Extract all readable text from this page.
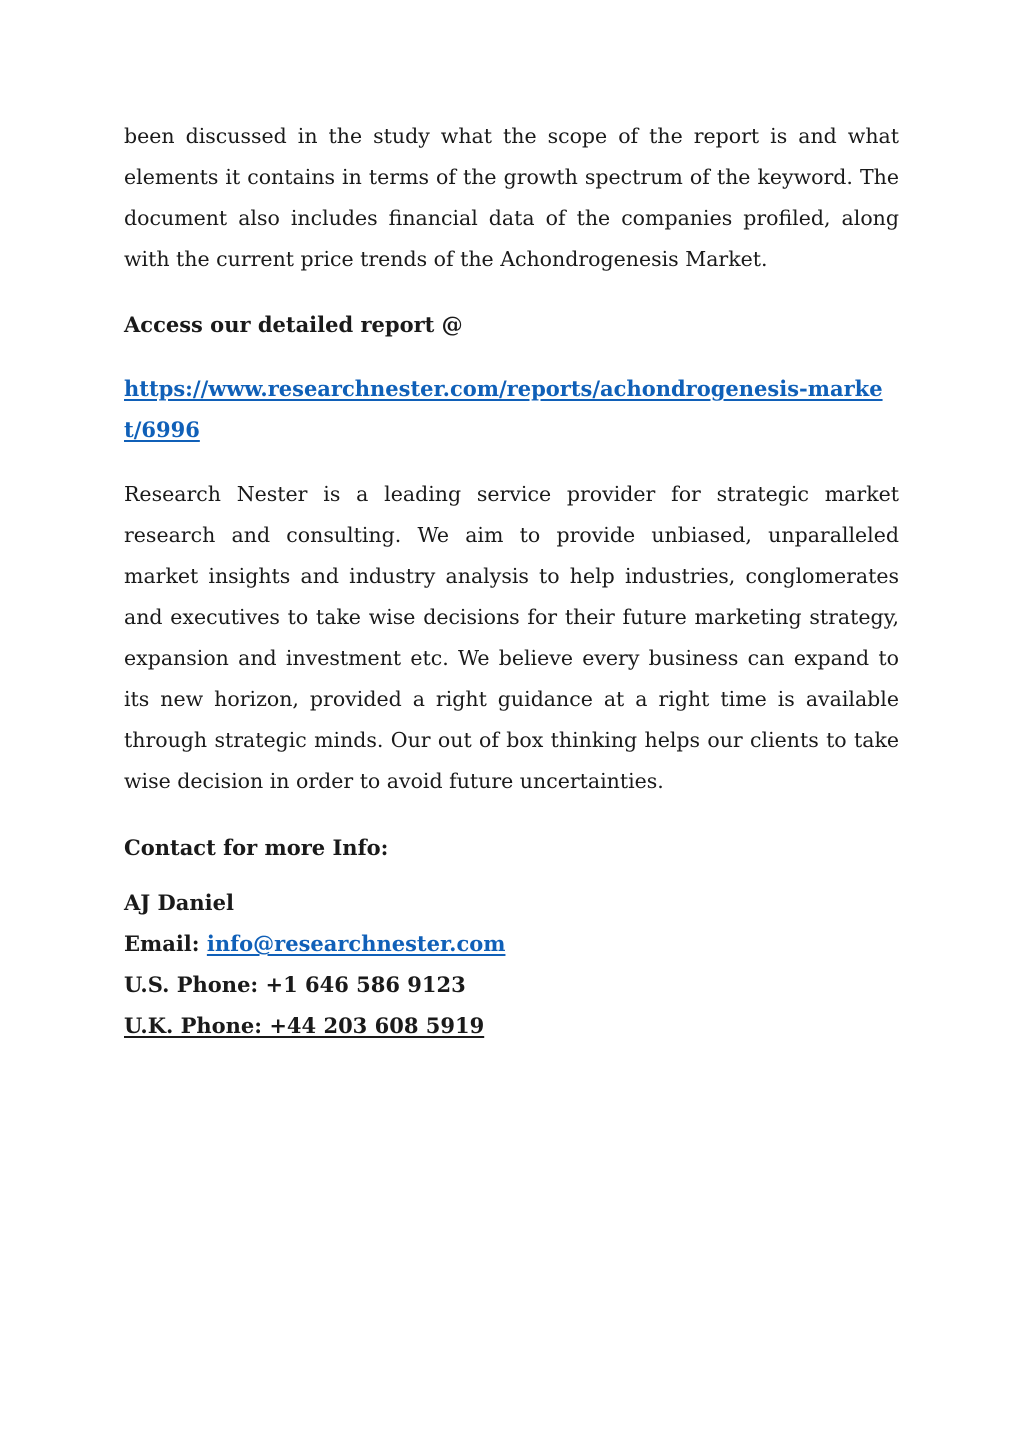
been discussed in the study what the scope of the report is and what elements it contains in terms of the growth spectrum of the keyword. The document also includes financial data of the companies profiled, along with the current price trends of the Achondrogenesis Market.

Access our detailed report @

https://www.researchnester.com/reports/achondrogenesis-market/6996

Research Nester is a leading service provider for strategic market research and consulting. We aim to provide unbiased, unparalleled market insights and industry analysis to help industries, conglomerates and executives to take wise decisions for their future marketing strategy, expansion and investment etc. We believe every business can expand to its new horizon, provided a right guidance at a right time is available through strategic minds. Our out of box thinking helps our clients to take wise decision in order to avoid future uncertainties.

Contact for more Info:

AJ Daniel

Email: info@researchnester.com

U.S. Phone: +1 646 586 9123

U.K. Phone: +44 203 608 5919
